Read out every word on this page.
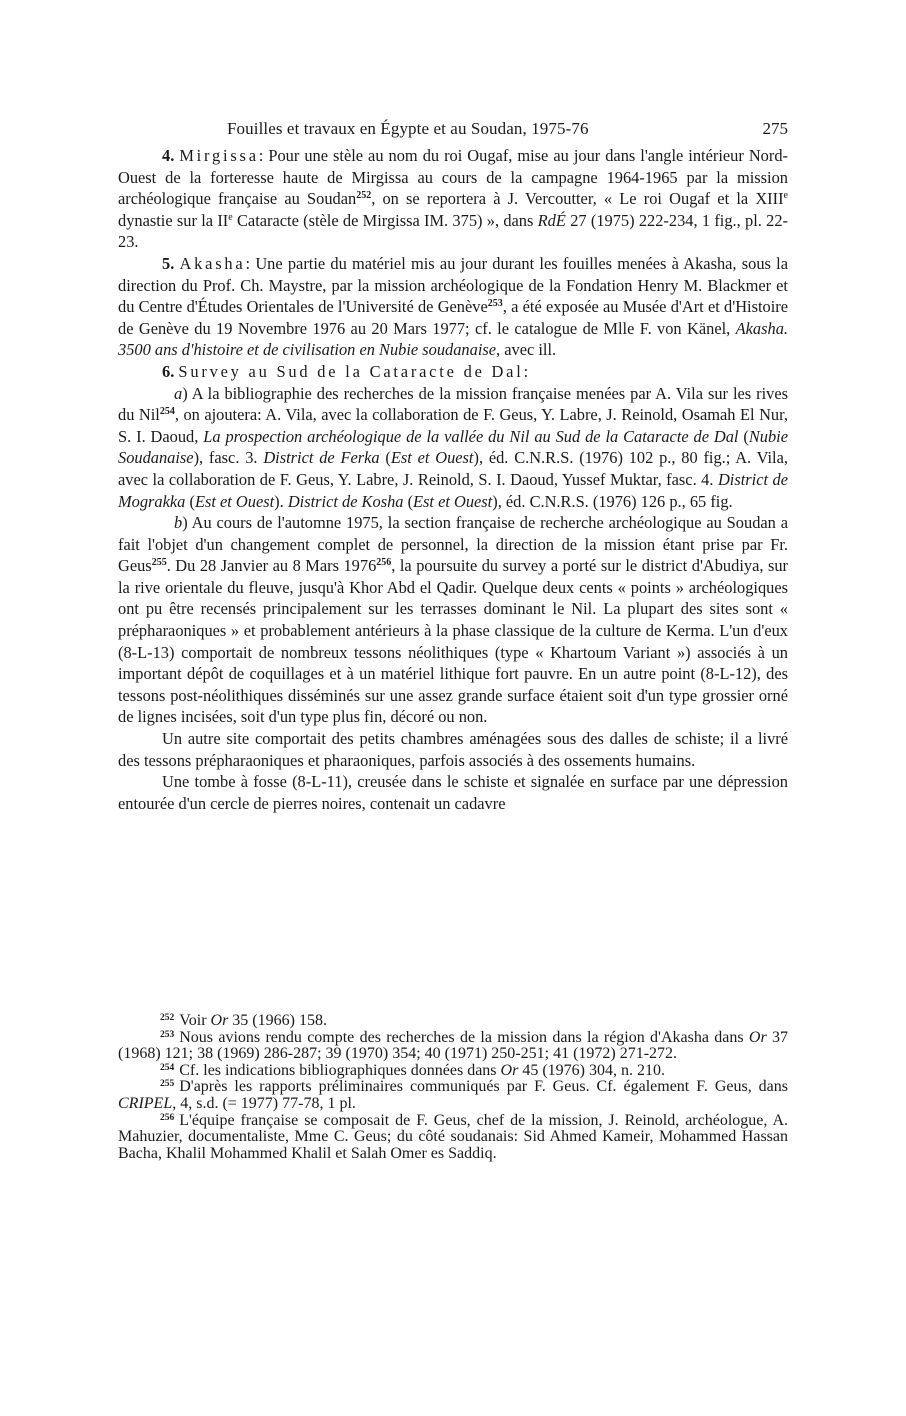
Fouilles et travaux en Égypte et au Soudan, 1975-76	275

4. Mirgissa: Pour une stèle au nom du roi Ougaf, mise au jour dans l'angle intérieur Nord-Ouest de la forteresse haute de Mirgissa au cours de la campagne 1964-1965 par la mission archéologique française au Soudan$^{252}$, on se reportera à J. Vercoutter, « Le roi Ougaf et la XIIIe dynastie sur la IIe Cataracte (stèle de Mirgissa IM. 375) », dans RdÉ 27 (1975) 222-234, 1 fig., pl. 22-23.

5. Akasha: Une partie du matériel mis au jour durant les fouilles menées à Akasha, sous la direction du Prof. Ch. Maystre, par la mission archéologique de la Fondation Henry M. Blackmer et du Centre d'Études Orientales de l'Université de Genève$^{253}$, a été exposée au Musée d'Art et d'Histoire de Genève du 19 Novembre 1976 au 20 Mars 1977; cf. le catalogue de Mlle F. von Känel, Akasha. 3500 ans d'histoire et de civilisation en Nubie soudanaise, avec ill.

6. Survey au Sud de la Cataracte de Dal:

a) A la bibliographie des recherches de la mission française menées par A. Vila sur les rives du Nil$^{254}$, on ajoutera: A. Vila, avec la collaboration de F. Geus, Y. Labre, J. Reinold, Osamah El Nur, S. I. Daoud, La prospection archéologique de la vallée du Nil au Sud de la Cataracte de Dal (Nubie Soudanaise), fasc. 3. District de Ferka (Est et Ouest), éd. C.N.R.S. (1976) 102 p., 80 fig.; A. Vila, avec la collaboration de F. Geus, Y. Labre, J. Reinold, S. I. Daoud, Yussef Muktar, fasc. 4. District de Mograkka (Est et Ouest). District de Kosha (Est et Ouest), éd. C.N.R.S. (1976) 126 p., 65 fig.

b) Au cours de l'automne 1975, la section française de recherche archéologique au Soudan a fait l'objet d'un changement complet de personnel, la direction de la mission étant prise par Fr. Geus$^{255}$. Du 28 Janvier au 8 Mars 1976$^{256}$, la poursuite du survey a porté sur le district d'Abudiya, sur la rive orientale du fleuve, jusqu'à Khor Abd el Qadir. Quelque deux cents « points » archéologiques ont pu être recensés principalement sur les terrasses dominant le Nil. La plupart des sites sont « prépharaoniques » et probablement antérieurs à la phase classique de la culture de Kerma. L'un d'eux (8-L-13) comportait de nombreux tessons néolithiques (type « Khartoum Variant ») associés à un important dépôt de coquillages et à un matériel lithique fort pauvre. En un autre point (8-L-12), des tessons post-néolithiques disséminés sur une assez grande surface étaient soit d'un type grossier orné de lignes incisées, soit d'un type plus fin, décoré ou non.

Un autre site comportait des petits chambres aménagées sous des dalles de schiste; il a livré des tessons prépharaoniques et pharaoniques, parfois associés à des ossements humains.

Une tombe à fosse (8-L-11), creusée dans le schiste et signalée en surface par une dépression entourée d'un cercle de pierres noires, contenait un cadavre

$^{252}$ Voir Or 35 (1966) 158.

$^{253}$ Nous avions rendu compte des recherches de la mission dans la région d'Akasha dans Or 37 (1968) 121; 38 (1969) 286-287; 39 (1970) 354; 40 (1971) 250-251; 41 (1972) 271-272.

$^{254}$ Cf. les indications bibliographiques données dans Or 45 (1976) 304, n. 210.

$^{255}$ D'après les rapports préliminaires communiqués par F. Geus. Cf. également F. Geus, dans CRIPEL, 4, s.d. (= 1977) 77-78, 1 pl.

$^{256}$ L'équipe française se composait de F. Geus, chef de la mission, J. Reinold, archéologue, A. Mahuzier, documentaliste, Mme C. Geus; du côté soudanais: Sid Ahmed Kameir, Mohammed Hassan Bacha, Khalil Mohammed Khalil et Salah Omer es Saddiq.
